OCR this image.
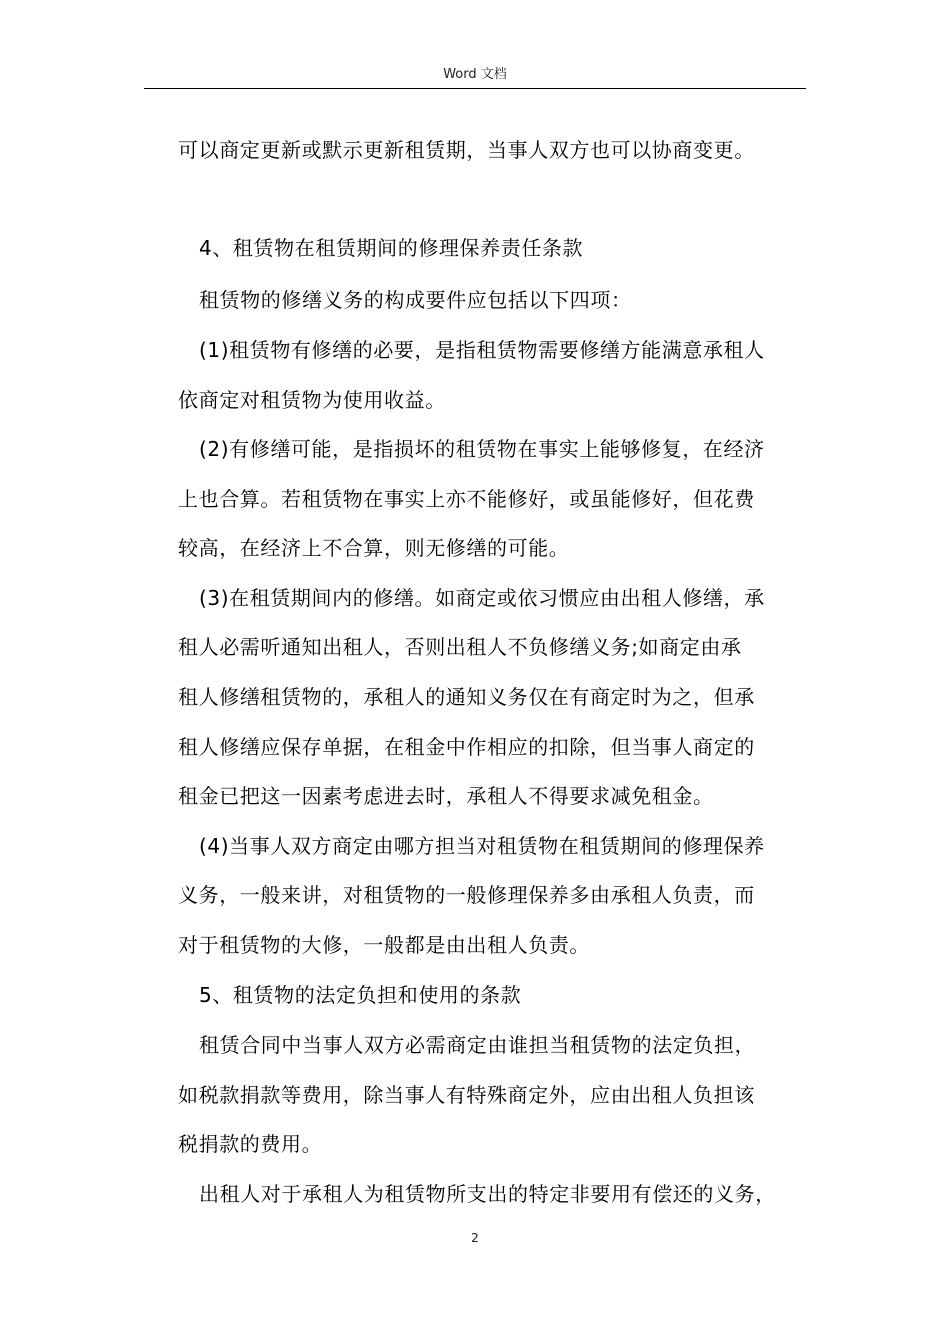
Word 文档
可以商定更新或默示更新租赁期，当事人双方也可以协商变更。
4、租赁物在租赁期间的修理保养责任条款
租赁物的修缮义务的构成要件应包括以下四项：
(1)租赁物有修缮的必要，是指租赁物需要修缮方能满意承租人
依商定对租赁物为使用收益。
(2)有修缮可能，是指损坏的租赁物在事实上能够修复，在经济
上也合算。若租赁物在事实上亦不能修好，或虽能修好，但花费
较高，在经济上不合算，则无修缮的可能。
(3)在租赁期间内的修缮。如商定或依习惯应由出租人修缮，承
租人必需听通知出租人，否则出租人不负修缮义务;如商定由承
租人修缮租赁物的，承租人的通知义务仅在有商定时为之，但承
租人修缮应保存单据，在租金中作相应的扣除，但当事人商定的
租金已把这一因素考虑进去时，承租人不得要求减免租金。
(4)当事人双方商定由哪方担当对租赁物在租赁期间的修理保养
义务，一般来讲，对租赁物的一般修理保养多由承租人负责，而
对于租赁物的大修，一般都是由出租人负责。
5、租赁物的法定负担和使用的条款
租赁合同中当事人双方必需商定由谁担当租赁物的法定负担，
如税款捐款等费用，除当事人有特殊商定外，应由出租人负担该
税捐款的费用。
出租人对于承租人为租赁物所支出的特定非要用有偿还的义务，
2
